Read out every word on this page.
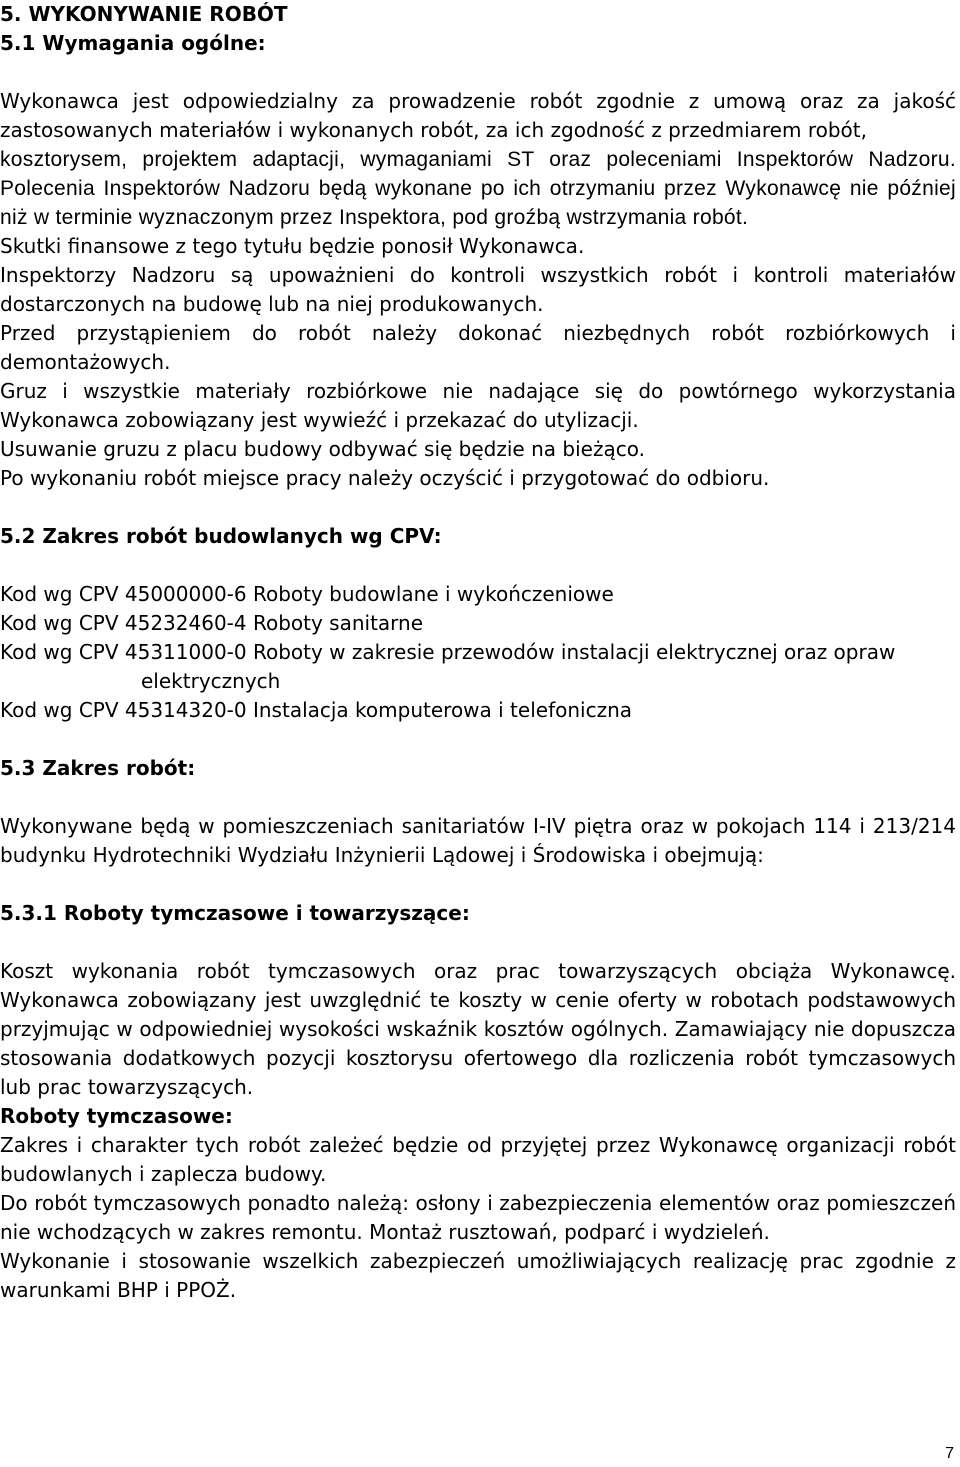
5. WYKONYWANIE ROBÓT

5.1 Wymagania ogólne:

Wykonawca jest odpowiedzialny za prowadzenie robót zgodnie z umową oraz za jakość zastosowanych materiałów i wykonanych robót, za ich zgodność z przedmiarem robót,

kosztorysem, projektem adaptacji, wymaganiami ST oraz poleceniami Inspektorów Nadzoru. Polecenia Inspektorów Nadzoru będą wykonane po ich otrzymaniu przez Wykonawcę nie później niż w terminie wyznaczonym przez Inspektora, pod groźbą wstrzymania robót.

Skutki finansowe z tego tytułu będzie ponosił Wykonawca.

Inspektorzy Nadzoru są upoważnieni do kontroli wszystkich robót i kontroli materiałów dostarczonych na budowę lub na niej produkowanych.

Przed przystąpieniem do robót należy dokonać niezbędnych robót rozbiórkowych i demontażowych.

Gruz i wszystkie materiały rozbiórkowe nie nadające się do powtórnego wykorzystania Wykonawca zobowiązany jest wywieźć i przekazać do utylizacji.

Usuwanie gruzu z placu budowy odbywać się będzie na bieżąco.

Po wykonaniu robót miejsce pracy należy oczyścić i przygotować do odbioru.

5.2 Zakres robót budowlanych wg CPV:

Kod wg CPV 45000000-6 Roboty budowlane i wykończeniowe

Kod wg CPV 45232460-4 Roboty sanitarne

Kod wg CPV 45311000-0 Roboty w zakresie przewodów instalacji elektrycznej oraz opraw

elektrycznych

Kod wg CPV 45314320-0 Instalacja komputerowa i telefoniczna

5.3 Zakres robót:

Wykonywane będą w pomieszczeniach sanitariatów I-IV piętra oraz w pokojach 114 i 213/214 budynku Hydrotechniki Wydziału Inżynierii Lądowej i Środowiska i obejmują:

5.3.1 Roboty tymczasowe i towarzyszące:

Koszt wykonania robót tymczasowych oraz prac towarzyszących obciąża Wykonawcę. Wykonawca zobowiązany jest uwzględnić te koszty w cenie oferty w robotach podstawowych przyjmując w odpowiedniej wysokości wskaźnik kosztów ogólnych. Zamawiający nie dopuszcza stosowania dodatkowych pozycji kosztorysu ofertowego dla rozliczenia robót tymczasowych lub prac towarzyszących.

Roboty tymczasowe:

Zakres i charakter tych robót zależeć będzie od przyjętej przez Wykonawcę organizacji robót budowlanych i zaplecza budowy.

Do robót tymczasowych ponadto należą: osłony i zabezpieczenia elementów oraz pomieszczeń nie wchodzących w zakres remontu. Montaż rusztowań, podparć i wydzieleń.

Wykonanie i stosowanie wszelkich zabezpieczeń umożliwiających realizację prac zgodnie z warunkami BHP i PPOŻ.

7
